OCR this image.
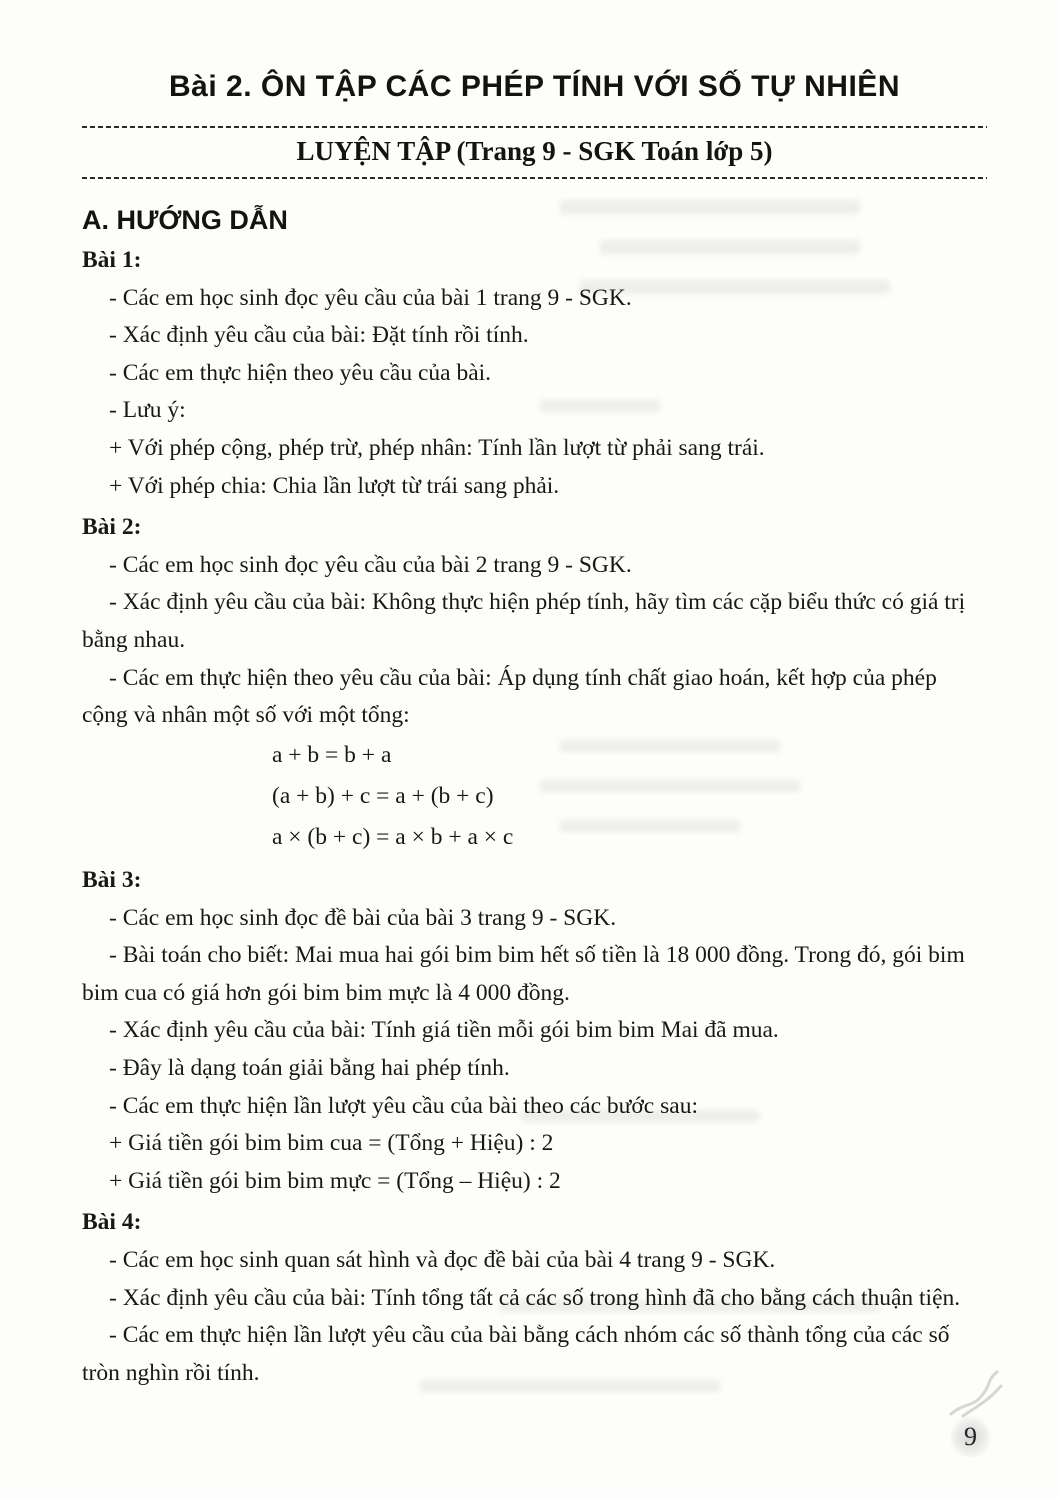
Bài 2. ÔN TẬP CÁC PHÉP TÍNH VỚI SỐ TỰ NHIÊN
LUYỆN TẬP (Trang 9 - SGK Toán lớp 5)
A. HƯỚNG DẪN

Bài 1:

- Các em học sinh đọc yêu cầu của bài 1 trang 9 - SGK.

- Xác định yêu cầu của bài: Đặt tính rồi tính.

- Các em thực hiện theo yêu cầu của bài.

- Lưu ý:

+ Với phép cộng, phép trừ, phép nhân: Tính lần lượt từ phải sang trái.

+ Với phép chia: Chia lần lượt từ trái sang phải.

Bài 2:

- Các em học sinh đọc yêu cầu của bài 2 trang 9 - SGK.

- Xác định yêu cầu của bài: Không thực hiện phép tính, hãy tìm các cặp biểu thức có giá trị bằng nhau.

- Các em thực hiện theo yêu cầu của bài: Áp dụng tính chất giao hoán, kết hợp của phép cộng và nhân một số với một tổng:

a + b = b + a

(a + b) + c = a + (b + c)

a × (b + c) = a × b + a × c

Bài 3:

- Các em học sinh đọc đề bài của bài 3 trang 9 - SGK.

- Bài toán cho biết: Mai mua hai gói bim bim hết số tiền là 18 000 đồng. Trong đó, gói bim bim cua có giá hơn gói bim bim mực là 4 000 đồng.

- Xác định yêu cầu của bài: Tính giá tiền mỗi gói bim bim Mai đã mua.

- Đây là dạng toán giải bằng hai phép tính.

- Các em thực hiện lần lượt yêu cầu của bài theo các bước sau:

+ Giá tiền gói bim bim cua = (Tổng + Hiệu) : 2

+ Giá tiền gói bim bim mực = (Tổng – Hiệu) : 2

Bài 4:

- Các em học sinh quan sát hình và đọc đề bài của bài 4 trang 9 - SGK.

- Xác định yêu cầu của bài: Tính tổng tất cả các số trong hình đã cho bằng cách thuận tiện.

- Các em thực hiện lần lượt yêu cầu của bài bằng cách nhóm các số thành tổng của các số tròn nghìn rồi tính.

9
